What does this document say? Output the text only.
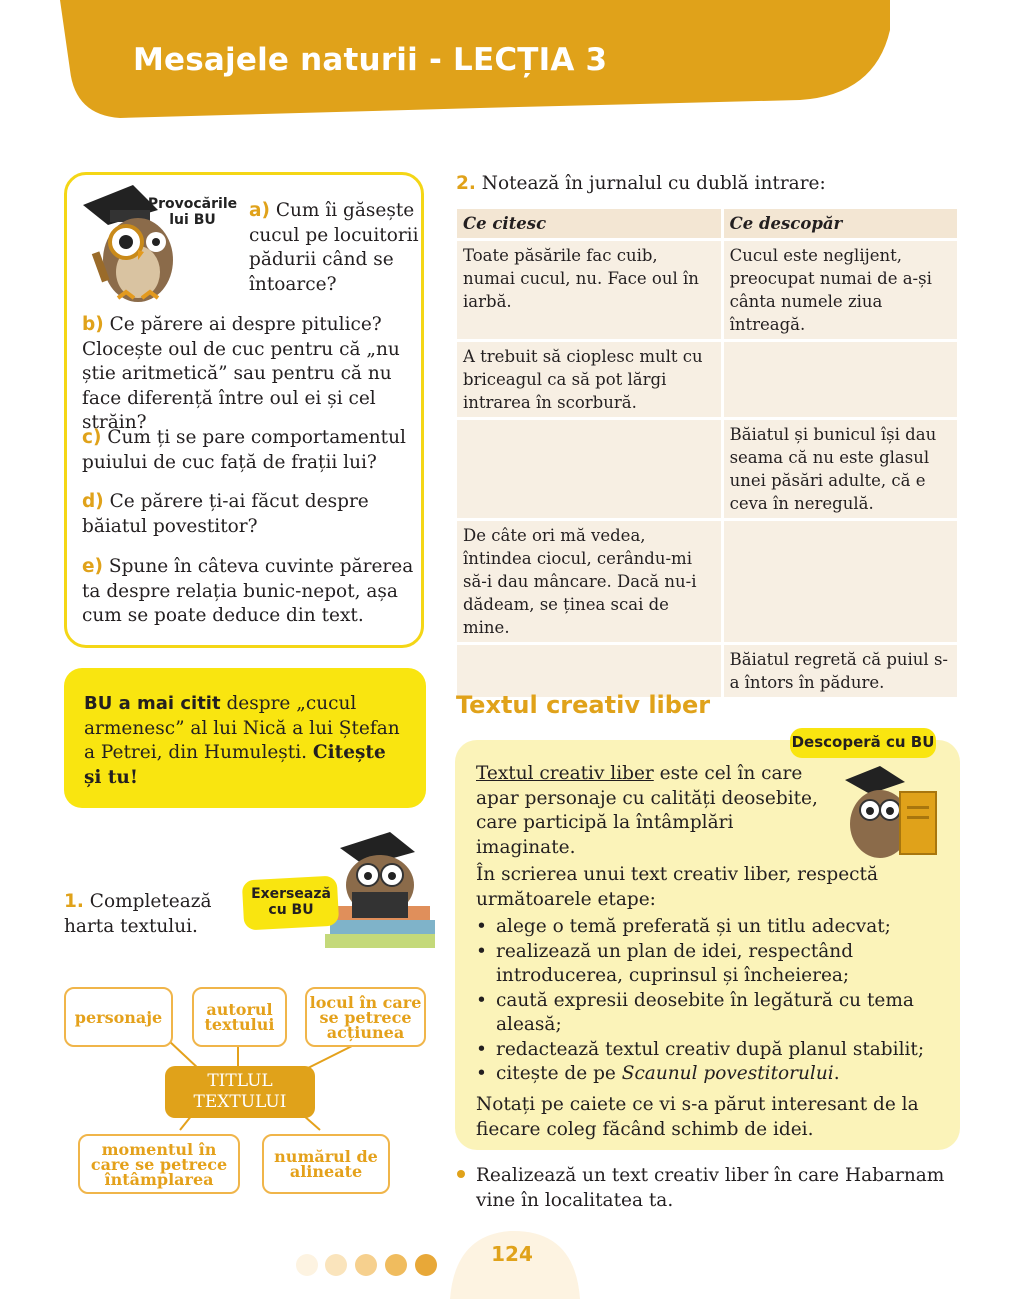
Mesajele naturii - LECȚIA 3
Provocările lui BU	a) Cum îi găsește cucul pe locuitorii pădurii când se întoarce?
b) Ce părere ai despre pitulice? Clocește oul de cuc pentru că „nu știe aritmetică” sau pentru că nu face diferență între oul ei și cel străin?
c) Cum ți se pare comportamentul puiului de cuc față de frații lui?
d) Ce părere ți-ai făcut despre băiatul povestitor?
e) Spune în câteva cuvinte părerea ta despre relația bunic-nepot, așa cum se poate deduce din text.
BU a mai citit despre „cucul armenesc” al lui Nică a lui Ștefan a Petrei, din Humulești. Citește și tu!
1. Completează harta textului.
Exersează cu BU
personaje	autorul textului
locul în care se petrece acțiunea
TITLUL TEXTULUI
momentul în care se petrece întâmplarea
numărul de alineate
2. Notează în jurnalul cu dublă intrare:
Ce citesc	Ce descopăr
Toate păsările fac cuib, numai cucul, nu. Face oul în iarbă.	Cucul este neglijent, preocupat numai de a-și cânta numele ziua întreagă.
A trebuit să cioplesc mult cu briceagul ca să pot lărgi intrarea în scorbură.	
	Băiatul și bunicul își dau seama că nu este glasul unei păsări adulte, că e ceva în neregulă.
De câte ori mă vedea, întindea ciocul, cerându-mi să-i dau mâncare. Dacă nu-i dădeam, se ținea scai de mine.	
	Băiatul regretă că puiul s-a întors în pădure.
Textul creativ liber
Descoperă cu BU
Textul creativ liber este cel în care apar personaje cu calități deosebite, care participă la întâmplări imaginate.
În scrierea unui text creativ liber, respectă următoarele etape:
• alege o temă preferată și un titlu adecvat;
• realizează un plan de idei, respectând introducerea, cuprinsul și încheierea;
• caută expresii deosebite în legătură cu tema aleasă;
• redactează textul creativ după planul stabilit;
• citește de pe Scaunul povestitorului.
Notați pe caiete ce vi s-a părut interesant de la fiecare coleg făcând schimb de idei.
Realizează un text creativ liber în care Habarnam vine în localitatea ta.
124
